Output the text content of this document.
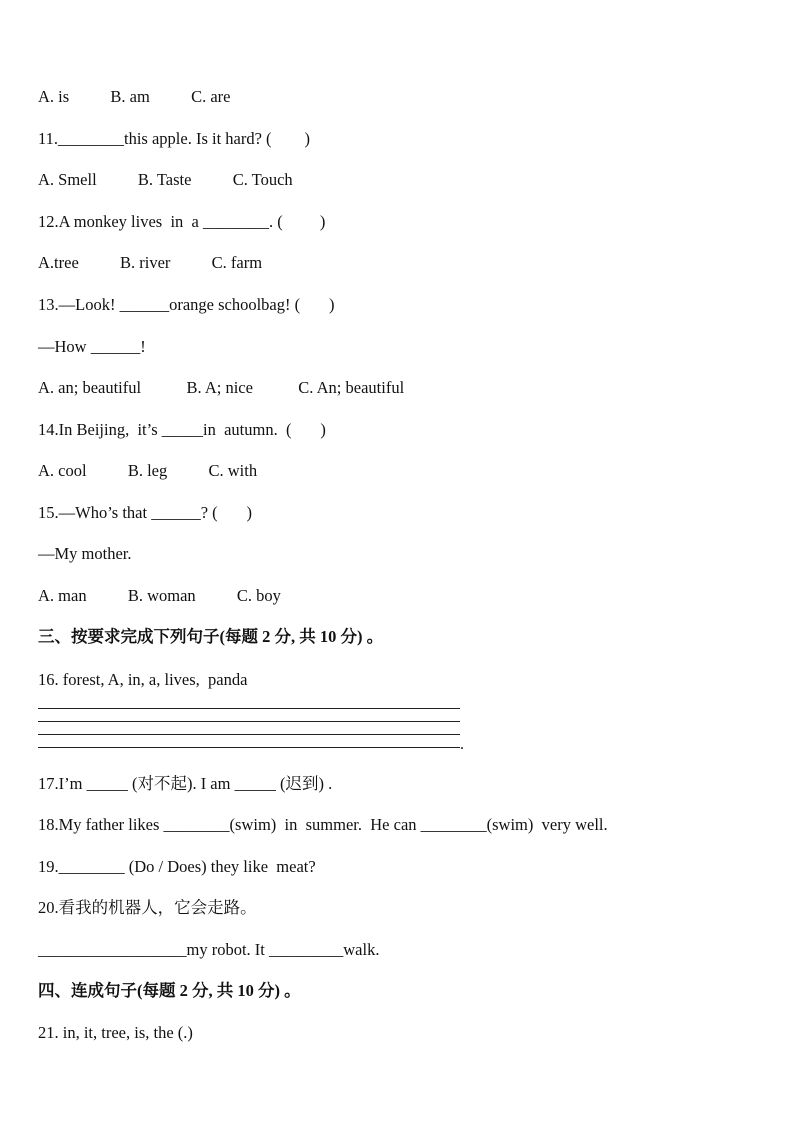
A. is          B. am          C. are

11.________this apple. Is it hard? (        )

A. Smell          B. Taste          C. Touch

12.A monkey lives  in  a ________. (         )

A.tree          B. river          C. farm

13.—Look! ______orange schoolbag! (       )

—How ______!

A. an; beautiful           B. A; nice           C. An; beautiful

14.In Beijing,  it’s _____in  autumn.  (       )

A. cool          B. leg          C. with

15.—Who’s that ______? (       )

—My mother.

A. man          B. woman          C. boy

三、按要求完成下列句子(每题 2 分, 共 10 分) 。

16. forest, A, in, a, lives,  panda

.

17.I’m _____ (对不起). I am _____ (迟到) .

18.My father likes ________(swim)  in  summer.  He can ________(swim)  very well.

19.________ (Do / Does) they like  meat?

20.看我的机器人，它会走路。

__________________my robot. It _________walk.

四、连成句子(每题 2 分, 共 10 分) 。

21. in, it, tree, is, the (.)
